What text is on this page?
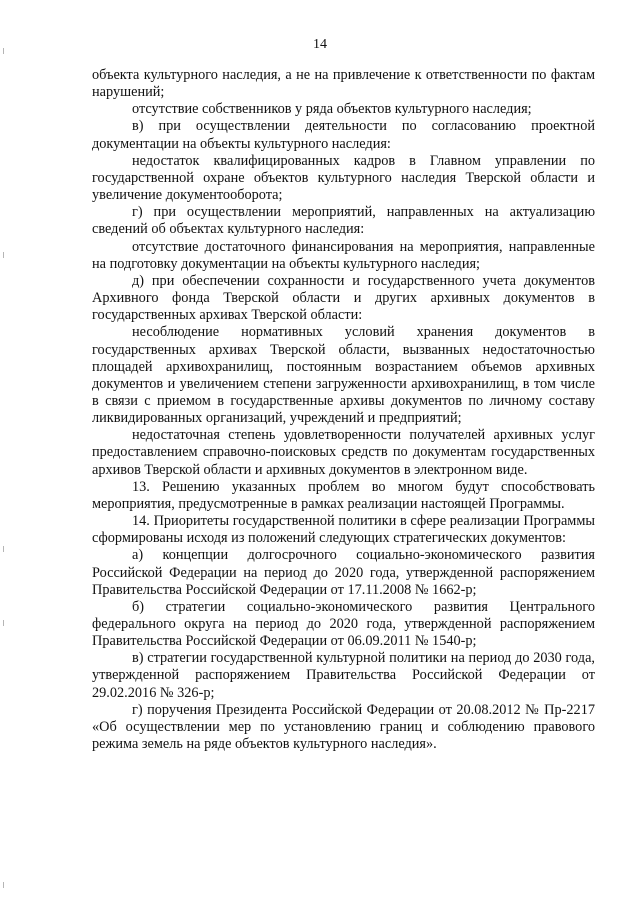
14

объекта культурного наследия, а не на привлечение к ответственности по фактам нарушений;

отсутствие собственников у ряда объектов культурного наследия;

в) при осуществлении деятельности по согласованию проектной документации на объекты культурного наследия:

недостаток квалифицированных кадров в Главном управлении по государственной охране объектов культурного наследия Тверской области и увеличение документооборота;

г) при осуществлении мероприятий, направленных на актуализацию сведений об объектах культурного наследия:

отсутствие достаточного финансирования на мероприятия, направленные на подготовку документации на объекты культурного наследия;

д) при обеспечении сохранности и государственного учета документов Архивного фонда Тверской области и других архивных документов в государственных архивах Тверской области:

несоблюдение нормативных условий хранения документов в государственных архивах Тверской области, вызванных недостаточностью площадей архивохранилищ, постоянным возрастанием объемов архивных документов и увеличением степени загруженности архивохранилищ, в том числе в связи с приемом в государственные архивы документов по личному составу ликвидированных организаций, учреждений и предприятий;

недостаточная степень удовлетворенности получателей архивных услуг предоставлением справочно-поисковых средств по документам государственных архивов Тверской области и архивных документов в электронном виде.

13. Решению указанных проблем во многом будут способствовать мероприятия, предусмотренные в рамках реализации настоящей Программы.

14. Приоритеты государственной политики в сфере реализации Программы сформированы исходя из положений следующих стратегических документов:

а) концепции долгосрочного социально-экономического развития Российской Федерации на период до 2020 года, утвержденной распоряжением Правительства Российской Федерации от 17.11.2008 № 1662-р;

б) стратегии социально-экономического развития Центрального федерального округа на период до 2020 года, утвержденной распоряжением Правительства Российской Федерации от 06.09.2011 № 1540-р;

в) стратегии государственной культурной политики на период до 2030 года, утвержденной распоряжением Правительства Российской Федерации от 29.02.2016 № 326-р;

г) поручения Президента Российской Федерации от 20.08.2012 № Пр-2217 «Об осуществлении мер по установлению границ и соблюдению правового режима земель на ряде объектов культурного наследия».
